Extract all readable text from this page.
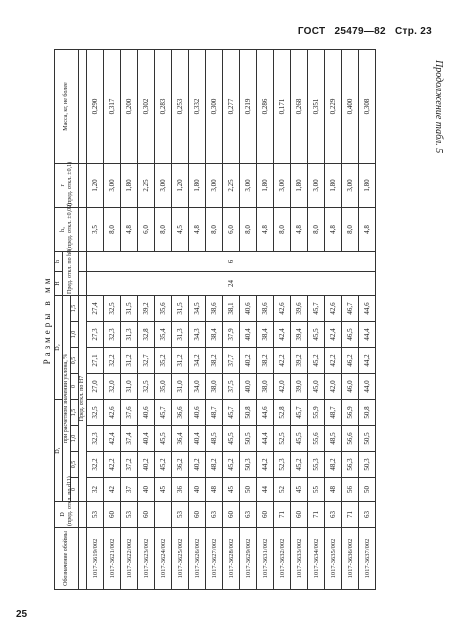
ГОСТ 25479—82 Стр. 23
Продолжение табл. 5
Размеры в мм
Обозначение обоймы	D
(пред. откл. по d11)	D₁				D₂				H	h	h₁
(пред. откл. ±0,02)	r
(пред. откл. ±0,1)	Масса, кг, не более
		при расчетном значении уклона, %								Пред. откл. по h8				
		0	0,5	1,0	1,5	0	0,5	1,0	1,5					
		Пред. откл. по H7												
1017-3619/002	53	32	32,2	32,3	32,5	27,0	27,1	27,3	27,4	24	6	3,5	1,20	0,290
1017-3621/002	60	42	42,2	42,4	42,6	32,0	32,2	32,3	32,5			8,0	3,00	0,317
1017-3622/002	53	37	37,2	37,4	37,6	31,0	31,2	31,3	31,5			4,8	1,80	0,200
1017-3623/002	60	40	40,2	40,4	40,6	32,5	32,7	32,8	39,2			6,0	2,25	0,302
1017-3624/002		45	45,2	45,5	45,7	35,0	35,2	35,4	35,6			8,0	3,00	0,283
1017-3625/002	53	36	36,2	36,4	36,6	31,0	31,2	31,3	31,5			4,5	1,20	0,253
1017-3626/002	60	40	40,2	40,4	40,6	34,0	34,2	34,3	34,5			4,8	1,80	0,332
1017-3627/002	63	48	48,2	48,5	48,7	38,0	38,2	38,4	38,6			8,0	3,00	0,300
1017-3628/002	60	45	45,2	45,5	45,7	37,5	37,7	37,9	38,1			6,0	2,25	0,277
1017-3629/002	63	50	50,3	50,5	50,8	40,0	40,2	40,4	40,6			8,0	3,00	0,219
1017-3631/002	60	44	44,2	44,4	44,6	38,0	38,2	38,4	38,6			4,8	1,80	0,286
1017-3632/002	71	52	52,3	52,5	52,8	42,0	42,2	42,4	42,6			8,0	3,00	0,171
1017-3633/002	60	45	45,2	45,5	45,7	39,0	39,2	39,4	39,6			4,8	1,80	0,268
1017-3634/002	71	55	55,3	55,6	55,9	45,0	45,2	45,5	45,7			8,0	3,00	0,351
1017-3635/002	63	48	48,2	48,5	48,7	42,0	42,2	42,4	42,6			4,8	1,80	0,229
1017-3636/002	71	56	56,3	56,6	56,9	46,0	46,2	46,5	46,7			8,0	3,00	0,400
1017-3637/002	63	50	50,3	50,5	50,8	44,0	44,2	44,4	44,6			4,8	1,80	0,308
25
